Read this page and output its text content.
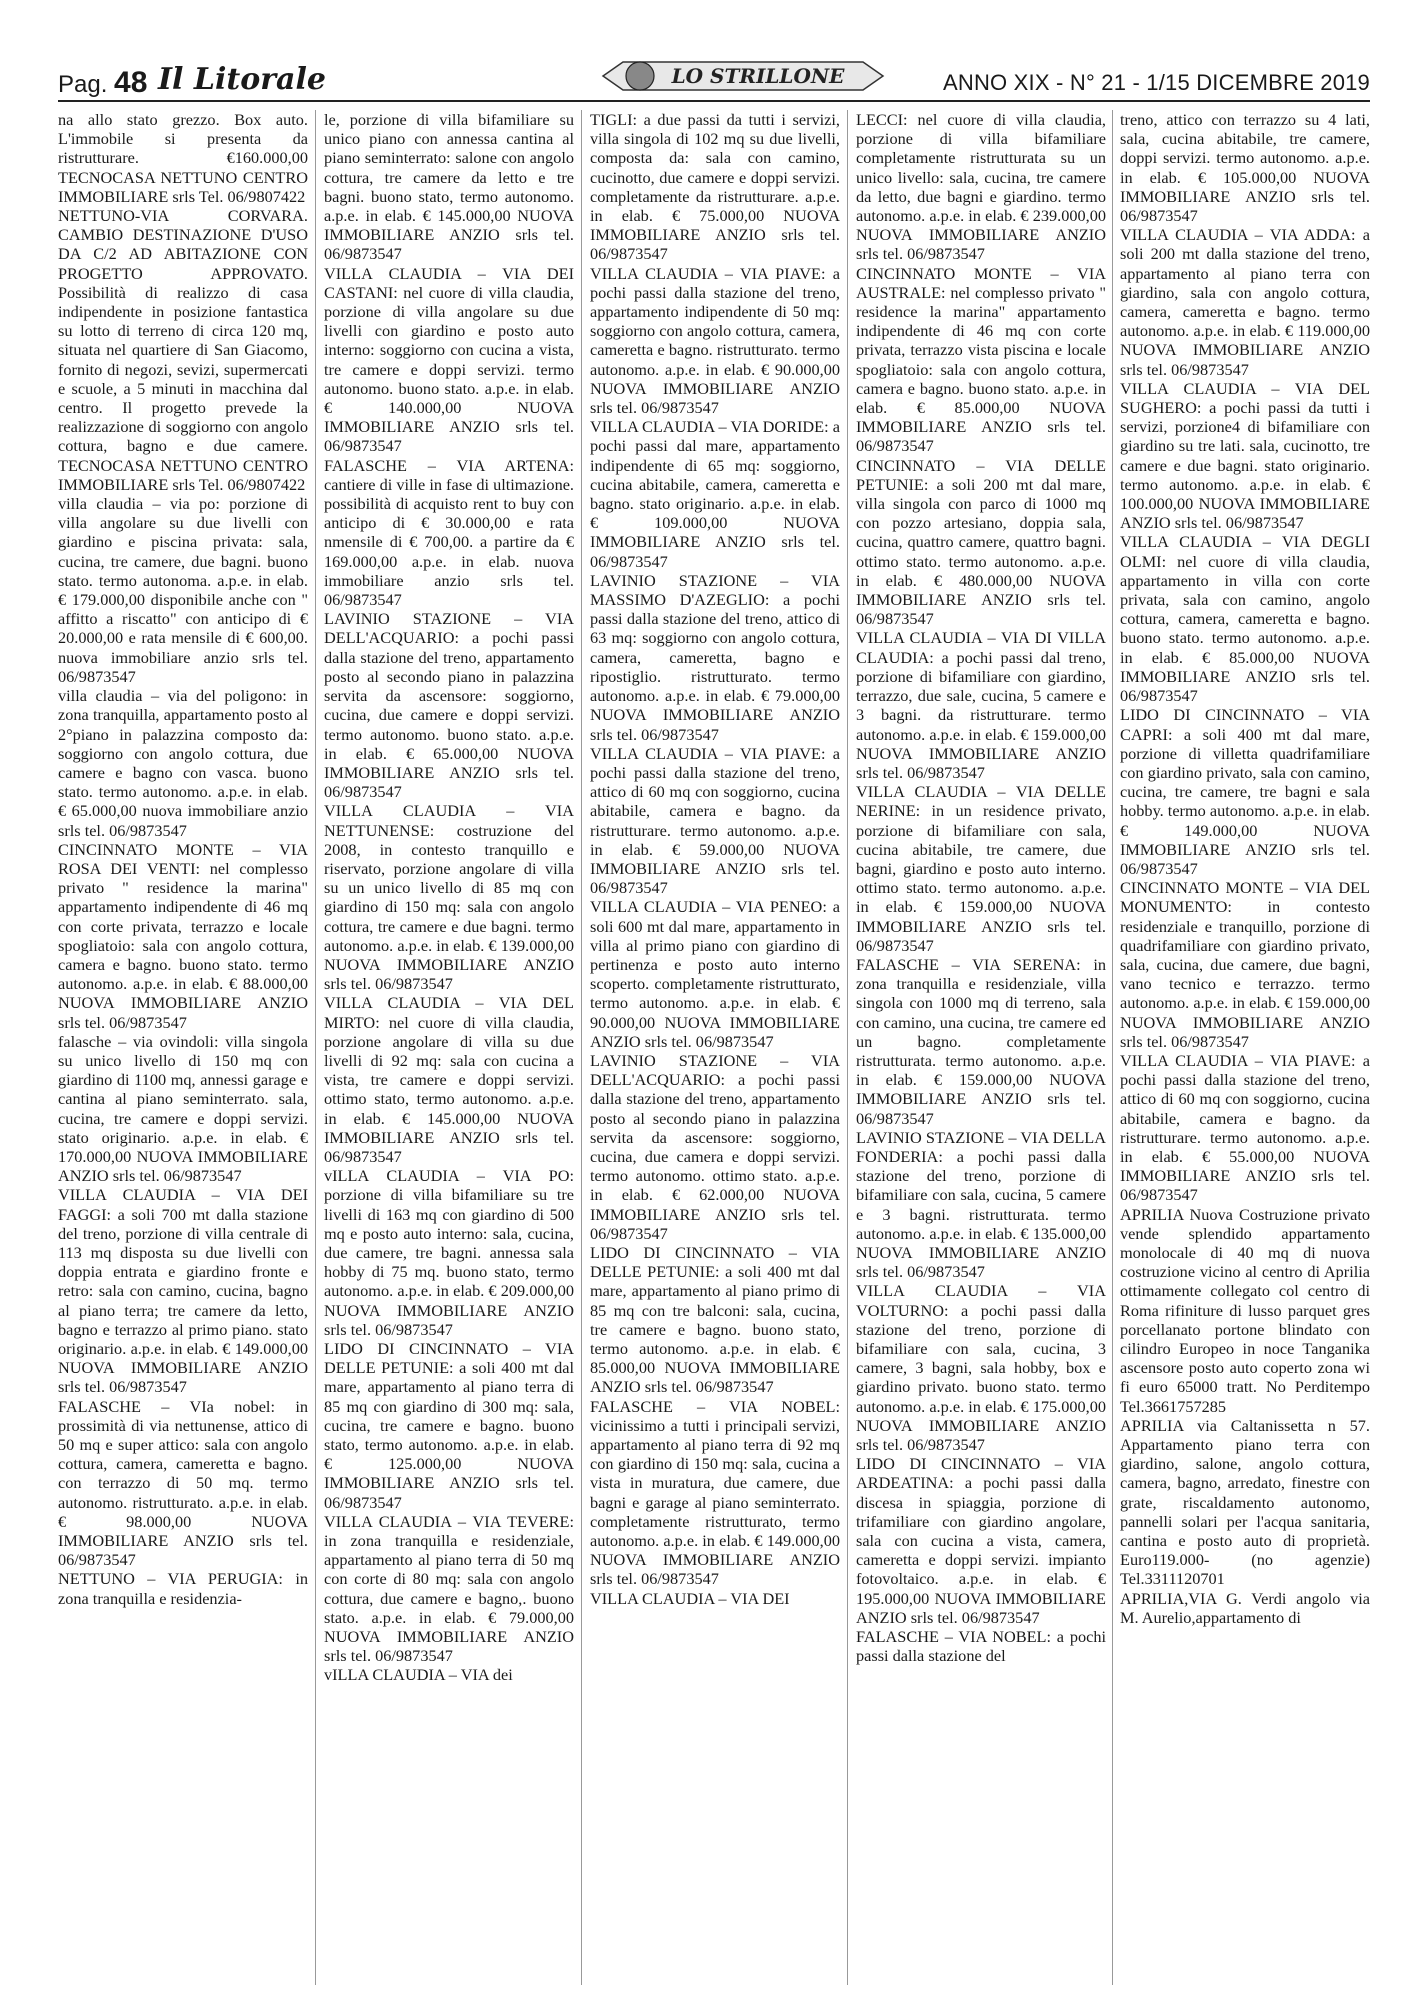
Pag. 48 Il Litorale	LO STRILLONE	ANNO XIX - N° 21 - 1/15 DICEMBRE 2019

na allo stato grezzo. Box auto. L'immobile si presenta da ristrutturare. €160.000,00 TECNOCASA NETTUNO CENTRO IMMOBILIARE srls Tel. 06/9807422

NETTUNO-VIA CORVARA. CAMBIO DESTINAZIONE D'USO DA C/2 AD ABITAZIONE CON PROGETTO APPROVATO. Possibilità di realizzo di casa indipendente in posizione fantastica su lotto di terreno di circa 120 mq, situata nel quartiere di San Giacomo, fornito di negozi, sevizi, supermercati e scuole, a 5 minuti in macchina dal centro. Il progetto prevede la realizzazione di soggiorno con angolo cottura, bagno e due camere. TECNOCASA NETTUNO CENTRO IMMOBILIARE srls Tel. 06/9807422

villa claudia – via po: porzione di villa angolare su due livelli con giardino e piscina privata: sala, cucina, tre camere, due bagni. buono stato. termo autonoma. a.p.e. in elab. € 179.000,00 disponibile anche con " affitto a riscatto" con anticipo di € 20.000,00 e rata mensile di € 600,00. nuova immobiliare anzio srls tel. 06/9873547

villa claudia – via del poligono: in zona tranquilla, appartamento posto al 2°piano in palazzina composto da: soggiorno con angolo cottura, due camere e bagno con vasca. buono stato. termo autonomo. a.p.e. in elab. € 65.000,00 nuova immobiliare anzio srls tel. 06/9873547

CINCINNATO MONTE – VIA ROSA DEI VENTI: nel complesso privato " residence la marina" appartamento indipendente di 46 mq con corte privata, terrazzo e locale spogliatoio: sala con angolo cottura, camera e bagno. buono stato. termo autonomo. a.p.e. in elab. € 88.000,00 NUOVA IMMOBILIARE ANZIO srls tel. 06/9873547

falasche – via ovindoli: villa singola su unico livello di 150 mq con giardino di 1100 mq, annessi garage e cantina al piano seminterrato. sala, cucina, tre camere e doppi servizi. stato originario. a.p.e. in elab. € 170.000,00 NUOVA IMMOBILIARE ANZIO srls tel. 06/9873547

VILLA CLAUDIA – VIA DEI FAGGI: a soli 700 mt dalla stazione del treno, porzione di villa centrale di 113 mq disposta su due livelli con doppia entrata e giardino fronte e retro: sala con camino, cucina, bagno al piano terra; tre camere da letto, bagno e terrazzo al primo piano. stato originario. a.p.e. in elab. € 149.000,00 NUOVA IMMOBILIARE ANZIO srls tel. 06/9873547

FALASCHE – VIa nobel: in prossimità di via nettunense, attico di 50 mq e super attico: sala con angolo cottura, camera, cameretta e bagno. con terrazzo di 50 mq. termo autonomo. ristrutturato. a.p.e. in elab. € 98.000,00 NUOVA IMMOBILIARE ANZIO srls tel. 06/9873547

NETTUNO – VIA PERUGIA: in zona tranquilla e residenzia-

le, porzione di villa bifamiliare su unico piano con annessa cantina al piano seminterrato: salone con angolo cottura, tre camere da letto e tre bagni. buono stato, termo autonomo. a.p.e. in elab. € 145.000,00 NUOVA IMMOBILIARE ANZIO srls tel. 06/9873547

VILLA CLAUDIA – VIA DEI CASTANI: nel cuore di villa claudia, porzione di villa angolare su due livelli con giardino e posto auto interno: soggiorno con cucina a vista, tre camere e doppi servizi. termo autonomo. buono stato. a.p.e. in elab. € 140.000,00 NUOVA IMMOBILIARE ANZIO srls tel. 06/9873547

FALASCHE – VIA ARTENA: cantiere di ville in fase di ultimazione. possibilità di acquisto rent to buy con anticipo di € 30.000,00 e rata nmensile di € 700,00. a partire da € 169.000,00 a.p.e. in elab. nuova immobiliare anzio srls tel. 06/9873547

LAVINIO STAZIONE – VIA DELL'ACQUARIO: a pochi passi dalla stazione del treno, appartamento posto al secondo piano in palazzina servita da ascensore: soggiorno, cucina, due camere e doppi servizi. termo autonomo. buono stato. a.p.e. in elab. € 65.000,00 NUOVA IMMOBILIARE ANZIO srls tel. 06/9873547

VILLA CLAUDIA – VIA NETTUNENSE: costruzione del 2008, in contesto tranquillo e riservato, porzione angolare di villa su un unico livello di 85 mq con giardino di 150 mq: sala con angolo cottura, tre camere e due bagni. termo autonomo. a.p.e. in elab. € 139.000,00 NUOVA IMMOBILIARE ANZIO srls tel. 06/9873547

VILLA CLAUDIA – VIA DEL MIRTO: nel cuore di villa claudia, porzione angolare di villa su due livelli di 92 mq: sala con cucina a vista, tre camere e doppi servizi. ottimo stato, termo autonomo. a.p.e. in elab. € 145.000,00 NUOVA IMMOBILIARE ANZIO srls tel. 06/9873547

vILLA CLAUDIA – VIA PO: porzione di villa bifamiliare su tre livelli di 163 mq con giardino di 500 mq e posto auto interno: sala, cucina, due camere, tre bagni. annessa sala hobby di 75 mq. buono stato, termo autonomo. a.p.e. in elab. € 209.000,00 NUOVA IMMOBILIARE ANZIO srls tel. 06/9873547

LIDO DI CINCINNATO – VIA DELLE PETUNIE: a soli 400 mt dal mare, appartamento al piano terra di 85 mq con giardino di 300 mq: sala, cucina, tre camere e bagno. buono stato, termo autonomo. a.p.e. in elab. € 125.000,00 NUOVA IMMOBILIARE ANZIO srls tel. 06/9873547

VILLA CLAUDIA – VIA TEVERE: in zona tranquilla e residenziale, appartamento al piano terra di 50 mq con corte di 80 mq: sala con angolo cottura, due camere e bagno,. buono stato. a.p.e. in elab. € 79.000,00 NUOVA IMMOBILIARE ANZIO srls tel. 06/9873547

vILLA CLAUDIA – VIA dei

TIGLI: a due passi da tutti i servizi, villa singola di 102 mq su due livelli, composta da: sala con camino, cucinotto, due camere e doppi servizi. completamente da ristrutturare. a.p.e. in elab. € 75.000,00 NUOVA IMMOBILIARE ANZIO srls tel. 06/9873547

VILLA CLAUDIA – VIA PIAVE: a pochi passi dalla stazione del treno, appartamento indipendente di 50 mq: soggiorno con angolo cottura, camera, cameretta e bagno. ristrutturato. termo autonomo. a.p.e. in elab. € 90.000,00 NUOVA IMMOBILIARE ANZIO srls tel. 06/9873547

VILLA CLAUDIA – VIA DORIDE: a pochi passi dal mare, appartamento indipendente di 65 mq: soggiorno, cucina abitabile, camera, cameretta e bagno. stato originario. a.p.e. in elab. € 109.000,00 NUOVA IMMOBILIARE ANZIO srls tel. 06/9873547

LAVINIO STAZIONE – VIA MASSIMO D'AZEGLIO: a pochi passi dalla stazione del treno, attico di 63 mq: soggiorno con angolo cottura, camera, cameretta, bagno e ripostiglio. ristrutturato. termo autonomo. a.p.e. in elab. € 79.000,00 NUOVA IMMOBILIARE ANZIO srls tel. 06/9873547

VILLA CLAUDIA – VIA PIAVE: a pochi passi dalla stazione del treno, attico di 60 mq con soggiorno, cucina abitabile, camera e bagno. da ristrutturare. termo autonomo. a.p.e. in elab. € 59.000,00 NUOVA IMMOBILIARE ANZIO srls tel. 06/9873547

VILLA CLAUDIA – VIA PENEO: a soli 600 mt dal mare, appartamento in villa al primo piano con giardino di pertinenza e posto auto interno scoperto. completamente ristrutturato, termo autonomo. a.p.e. in elab. € 90.000,00 NUOVA IMMOBILIARE ANZIO srls tel. 06/9873547

LAVINIO STAZIONE – VIA DELL'ACQUARIO: a pochi passi dalla stazione del treno, appartamento posto al secondo piano in palazzina servita da ascensore: soggiorno, cucina, due camera e doppi servizi. termo autonomo. ottimo stato. a.p.e. in elab. € 62.000,00 NUOVA IMMOBILIARE ANZIO srls tel. 06/9873547

LIDO DI CINCINNATO – VIA DELLE PETUNIE: a soli 400 mt dal mare, appartamento al piano primo di 85 mq con tre balconi: sala, cucina, tre camere e bagno. buono stato, termo autonomo. a.p.e. in elab. € 85.000,00 NUOVA IMMOBILIARE ANZIO srls tel. 06/9873547

FALASCHE – VIA NOBEL: vicinissimo a tutti i principali servizi, appartamento al piano terra di 92 mq con giardino di 150 mq: sala, cucina a vista in muratura, due camere, due bagni e garage al piano seminterrato. completamente ristrutturato, termo autonomo. a.p.e. in elab. € 149.000,00 NUOVA IMMOBILIARE ANZIO srls tel. 06/9873547

VILLA CLAUDIA – VIA DEI

LECCI: nel cuore di villa claudia, porzione di villa bifamiliare completamente ristrutturata su un unico livello: sala, cucina, tre camere da letto, due bagni e giardino. termo autonomo. a.p.e. in elab. € 239.000,00 NUOVA IMMOBILIARE ANZIO srls tel. 06/9873547

CINCINNATO MONTE – VIA AUSTRALE: nel complesso privato " residence la marina" appartamento indipendente di 46 mq con corte privata, terrazzo vista piscina e locale spogliatoio: sala con angolo cottura, camera e bagno. buono stato. a.p.e. in elab. € 85.000,00 NUOVA IMMOBILIARE ANZIO srls tel. 06/9873547

CINCINNATO – VIA DELLE PETUNIE: a soli 200 mt dal mare, villa singola con parco di 1000 mq con pozzo artesiano, doppia sala, cucina, quattro camere, quattro bagni. ottimo stato. termo autonomo. a.p.e. in elab. € 480.000,00 NUOVA IMMOBILIARE ANZIO srls tel. 06/9873547

VILLA CLAUDIA – VIA DI VILLA CLAUDIA: a pochi passi dal treno, porzione di bifamiliare con giardino, terrazzo, due sale, cucina, 5 camere e 3 bagni. da ristrutturare. termo autonomo. a.p.e. in elab. € 159.000,00 NUOVA IMMOBILIARE ANZIO srls tel. 06/9873547

VILLA CLAUDIA – VIA DELLE NERINE: in un residence privato, porzione di bifamiliare con sala, cucina abitabile, tre camere, due bagni, giardino e posto auto interno. ottimo stato. termo autonomo. a.p.e. in elab. € 159.000,00 NUOVA IMMOBILIARE ANZIO srls tel. 06/9873547

FALASCHE – VIA SERENA: in zona tranquilla e residenziale, villa singola con 1000 mq di terreno, sala con camino, una cucina, tre camere ed un bagno. completamente ristrutturata. termo autonomo. a.p.e. in elab. € 159.000,00 NUOVA IMMOBILIARE ANZIO srls tel. 06/9873547

LAVINIO STAZIONE – VIA DELLA FONDERIA: a pochi passi dalla stazione del treno, porzione di bifamiliare con sala, cucina, 5 camere e 3 bagni. ristrutturata. termo autonomo. a.p.e. in elab. € 135.000,00 NUOVA IMMOBILIARE ANZIO srls tel. 06/9873547

VILLA CLAUDIA – VIA VOLTURNO: a pochi passi dalla stazione del treno, porzione di bifamiliare con sala, cucina, 3 camere, 3 bagni, sala hobby, box e giardino privato. buono stato. termo autonomo. a.p.e. in elab. € 175.000,00 NUOVA IMMOBILIARE ANZIO srls tel. 06/9873547

LIDO DI CINCINNATO – VIA ARDEATINA: a pochi passi dalla discesa in spiaggia, porzione di trifamiliare con giardino angolare, sala con cucina a vista, camera, cameretta e doppi servizi. impianto fotovoltaico. a.p.e. in elab. € 195.000,00 NUOVA IMMOBILIARE ANZIO srls tel. 06/9873547

FALASCHE – VIA NOBEL: a pochi passi dalla stazione del

treno, attico con terrazzo su 4 lati, sala, cucina abitabile, tre camere, doppi servizi. termo autonomo. a.p.e. in elab. € 105.000,00 NUOVA IMMOBILIARE ANZIO srls tel. 06/9873547

VILLA CLAUDIA – VIA ADDA: a soli 200 mt dalla stazione del treno, appartamento al piano terra con giardino, sala con angolo cottura, camera, cameretta e bagno. termo autonomo. a.p.e. in elab. € 119.000,00 NUOVA IMMOBILIARE ANZIO srls tel. 06/9873547

VILLA CLAUDIA – VIA DEL SUGHERO: a pochi passi da tutti i servizi, porzione4 di bifamiliare con giardino su tre lati. sala, cucinotto, tre camere e due bagni. stato originario. termo autonomo. a.p.e. in elab. € 100.000,00 NUOVA IMMOBILIARE ANZIO srls tel. 06/9873547

VILLA CLAUDIA – VIA DEGLI OLMI: nel cuore di villa claudia, appartamento in villa con corte privata, sala con camino, angolo cottura, camera, cameretta e bagno. buono stato. termo autonomo. a.p.e. in elab. € 85.000,00 NUOVA IMMOBILIARE ANZIO srls tel. 06/9873547

LIDO DI CINCINNATO – VIA CAPRI: a soli 400 mt dal mare, porzione di villetta quadrifamiliare con giardino privato, sala con camino, cucina, tre camere, tre bagni e sala hobby. termo autonomo. a.p.e. in elab. € 149.000,00 NUOVA IMMOBILIARE ANZIO srls tel. 06/9873547

CINCINNATO MONTE – VIA DEL MONUMENTO: in contesto residenziale e tranquillo, porzione di quadrifamiliare con giardino privato, sala, cucina, due camere, due bagni, vano tecnico e terrazzo. termo autonomo. a.p.e. in elab. € 159.000,00 NUOVA IMMOBILIARE ANZIO srls tel. 06/9873547

VILLA CLAUDIA – VIA PIAVE: a pochi passi dalla stazione del treno, attico di 60 mq con soggiorno, cucina abitabile, camera e bagno. da ristrutturare. termo autonomo. a.p.e. in elab. € 55.000,00 NUOVA IMMOBILIARE ANZIO srls tel. 06/9873547

APRILIA Nuova Costruzione privato vende splendido appartamento monolocale di 40 mq di nuova costruzione vicino al centro di Aprilia ottimamente collegato col centro di Roma rifiniture di lusso parquet gres porcellanato portone blindato con cilindro Europeo in noce Tanganika ascensore posto auto coperto zona wi fi euro 65000 tratt. No Perditempo Tel.3661757285

APRILIA via Caltanissetta n 57. Appartamento piano terra con giardino, salone, angolo cottura, camera, bagno, arredato, finestre con grate, riscaldamento autonomo, pannelli solari per l'acqua sanitaria, cantina e posto auto di proprietà. Euro119.000- (no agenzie) Tel.3311120701

APRILIA,VIA G. Verdi angolo via M. Aurelio,appartamento di
